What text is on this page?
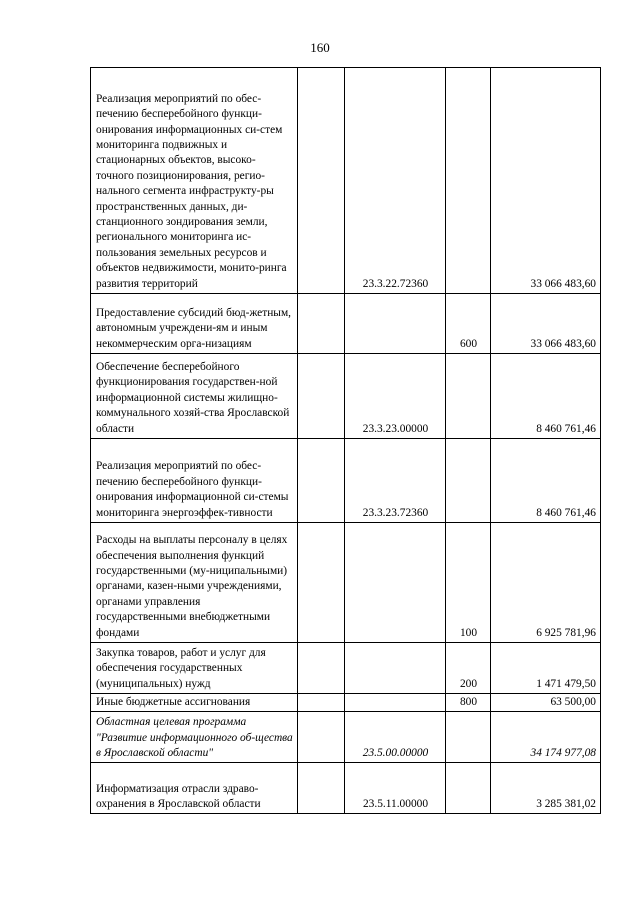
160
Реализация мероприятий по обес-печению бесперебойного функци-онирования информационных си-стем мониторинга подвижных и стационарных объектов, высоко-точного позиционирования, регио-нального сегмента инфраструкту-ры пространственных данных, ди-станционного зондирования земли, регионального мониторинга ис-пользования земельных ресурсов и объектов недвижимости, монито-ринга развития территорий		23.3.22.72360		33 066 483,60
Предоставление субсидий бюд-жетным, автономным учреждени-ям и иным некоммерческим орга-низациям			600	33 066 483,60
Обеспечение бесперебойного функционирования государствен-ной информационной системы жилищно-коммунального хозяй-ства Ярославской области		23.3.23.00000		8 460 761,46
Реализация мероприятий по обес-печению бесперебойного функци-онирования информационной си-стемы мониторинга энергоэффек-тивности		23.3.23.72360		8 460 761,46
Расходы на выплаты персоналу в целях обеспечения выполнения функций государственными (му-ниципальными) органами, казен-ными учреждениями, органами управления государственными внебюджетными фондами			100	6 925 781,96
Закупка товаров, работ и услуг для обеспечения государственных (муниципальных) нужд			200	1 471 479,50
Иные бюджетные ассигнования			800	63 500,00
Областная целевая программа "Развитие информационного об-щества в Ярославской области"		23.5.00.00000		34 174 977,08
Информатизация отрасли здраво-охранения в Ярославской области		23.5.11.00000		3 285 381,02
